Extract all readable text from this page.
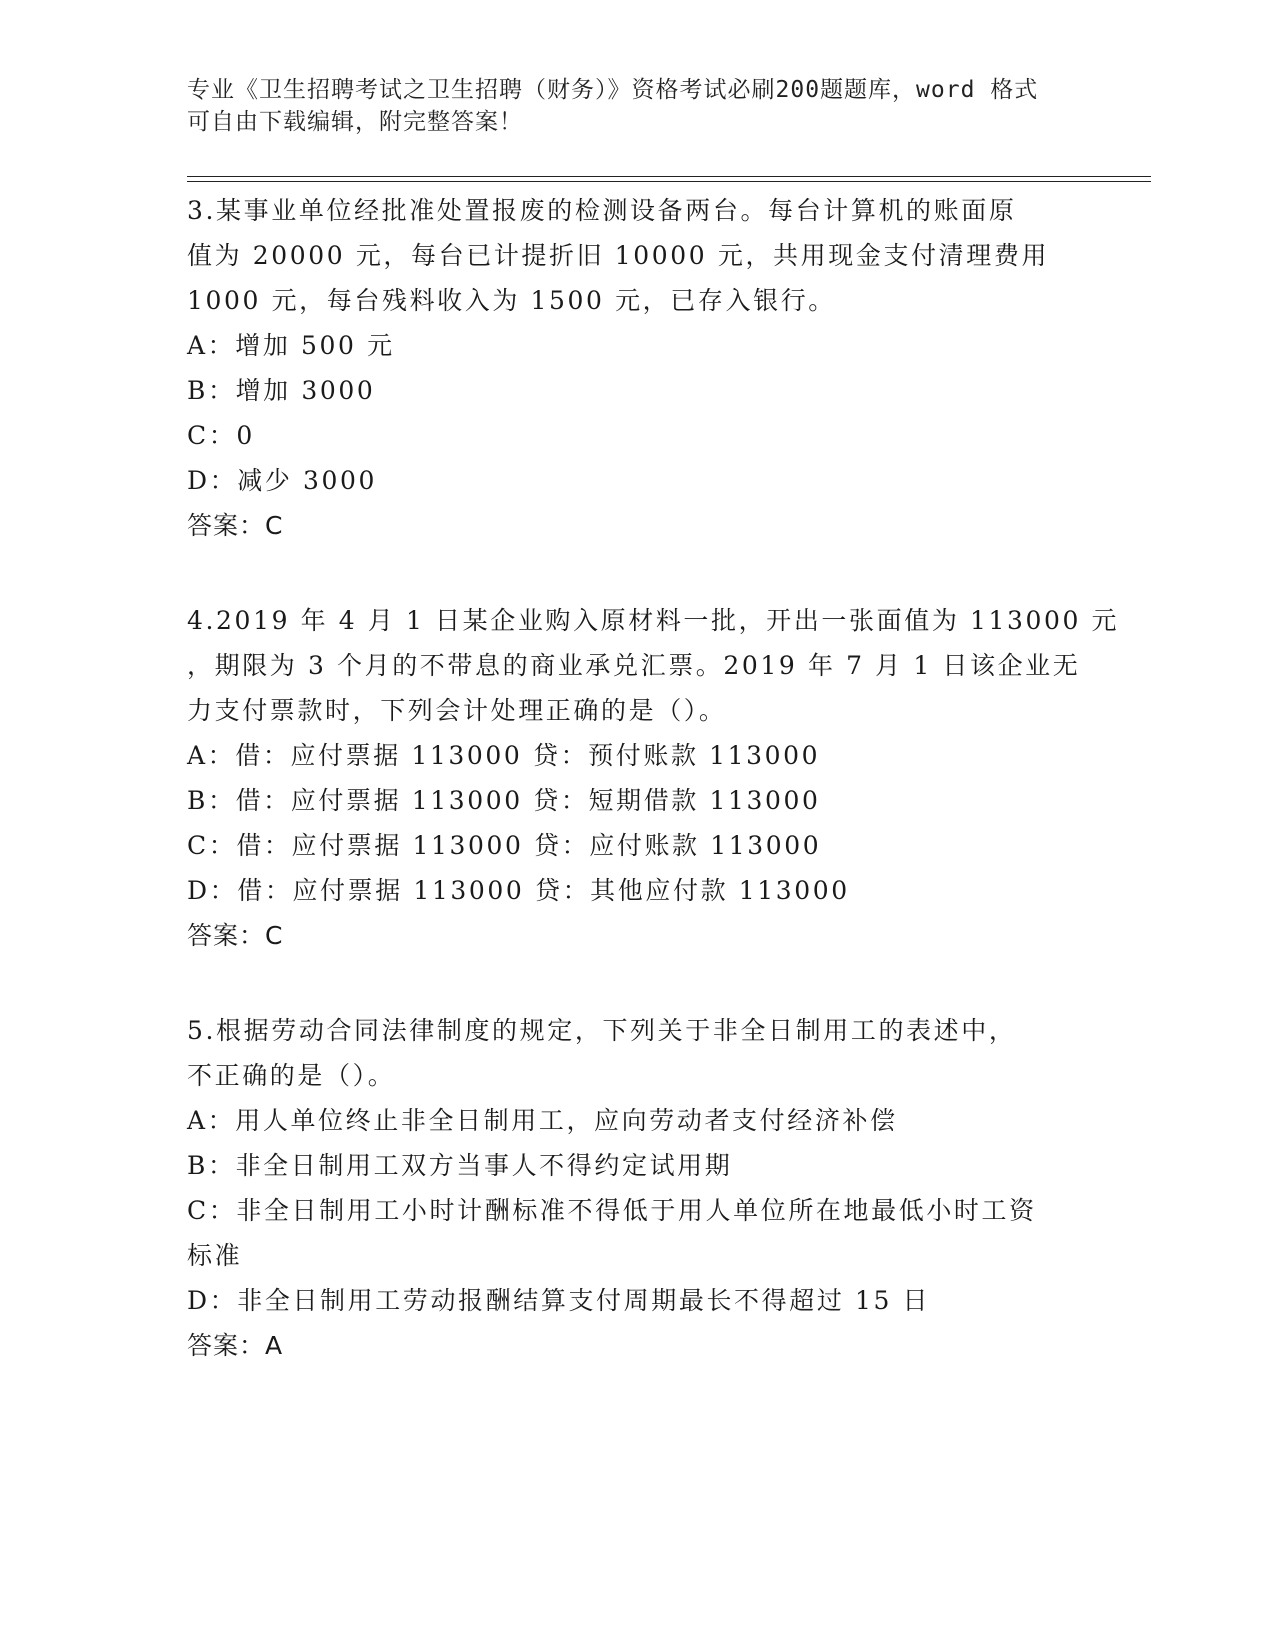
专业《卫生招聘考试之卫生招聘（财务）》资格考试必刷200题题库，word 格式
可自由下载编辑，附完整答案！
3.某事业单位经批准处置报废的检测设备两台。每台计算机的账面原
值为 20000 元，每台已计提折旧 10000 元，共用现金支付清理费用
1000 元，每台残料收入为 1500 元，已存入银行。
A：增加 500 元
B：增加 3000
C：0
D：减少 3000
答案：C
4.2019 年 4 月 1 日某企业购入原材料一批，开出一张面值为 113000 元
，期限为 3 个月的不带息的商业承兑汇票。2019 年 7 月 1 日该企业无
力支付票款时，下列会计处理正确的是（）。
A：借：应付票据 113000 贷：预付账款 113000
B：借：应付票据 113000 贷：短期借款 113000
C：借：应付票据 113000 贷：应付账款 113000
D：借：应付票据 113000 贷：其他应付款 113000
答案：C
5.根据劳动合同法律制度的规定，下列关于非全日制用工的表述中，
不正确的是（）。
A：用人单位终止非全日制用工，应向劳动者支付经济补偿
B：非全日制用工双方当事人不得约定试用期
C：非全日制用工小时计酬标准不得低于用人单位所在地最低小时工资
标准
D：非全日制用工劳动报酬结算支付周期最长不得超过 15 日
答案：A
